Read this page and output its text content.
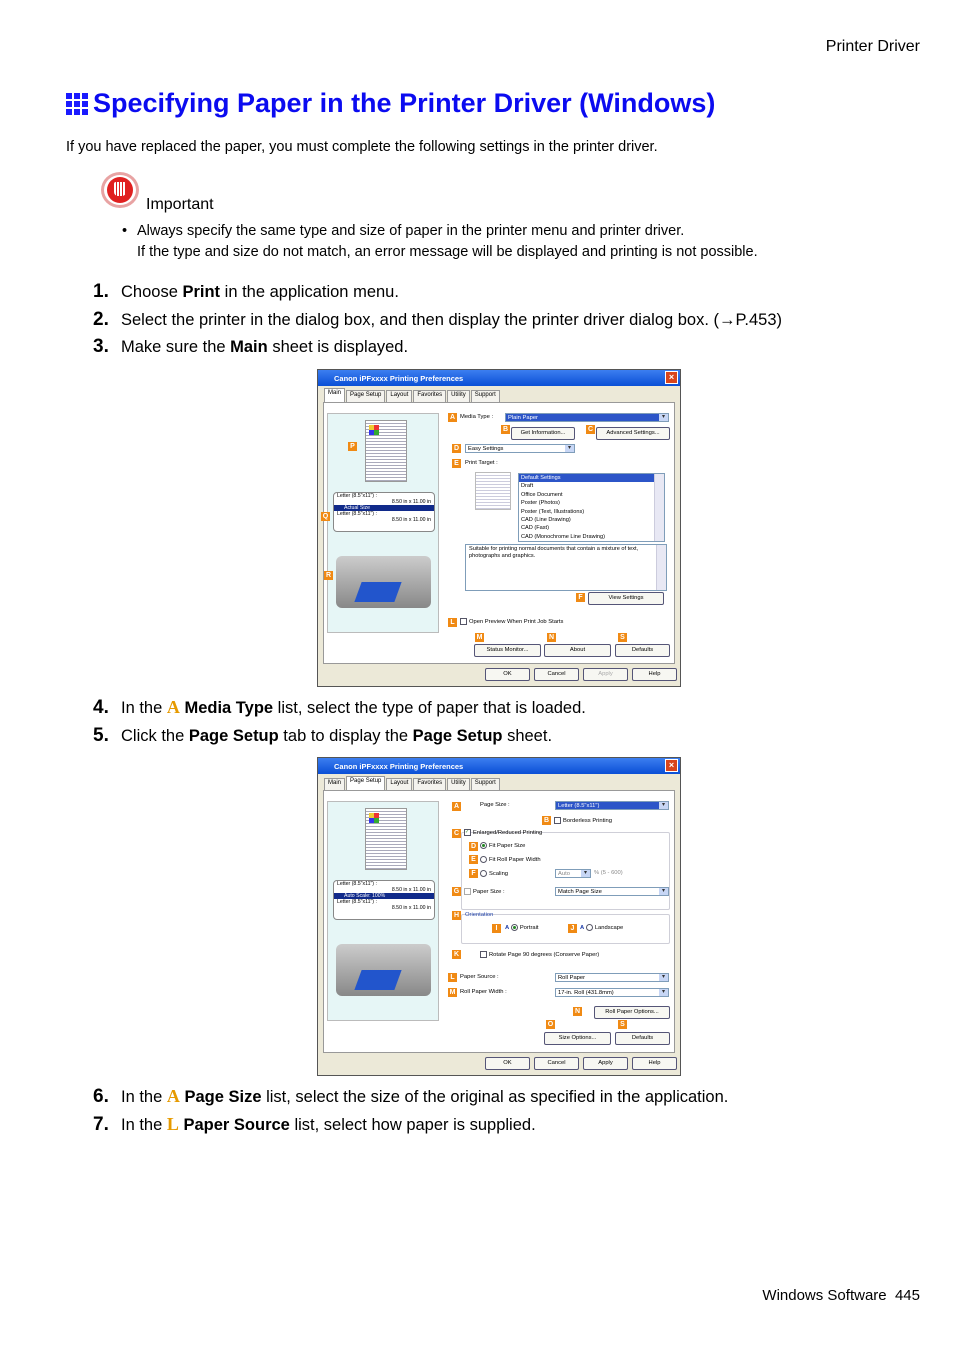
Printer Driver
Specifying Paper in the Printer Driver (Windows)
If you have replaced the paper, you must complete the following settings in the printer driver.
Important
• Always specify the same type and size of paper in the printer menu and printer driver.
If the type and size do not match, an error message will be displayed and printing is not possible.
1. Choose Print in the application menu.
2. Select the printer in the dialog box, and then display the printer driver dialog box. (→P.453)
3. Make sure the Main sheet is displayed.
Canon iPFxxxx Printing Preferences	×
Main	Page Setup	Layout	Favorites	Utility	Support
Letter (8.5"x11") :
8.50 in x 11.00 in
Actual Size
Letter (8.5"x11") :
8.50 in x 11.00 in
P
Q
R
A Media Type :	Plain Paper ▾
B	Get Information...	C	Advanced Settings...
D	Easy Settings ▾
E	Print Target :
Default Settings
Draft
Office Document
Poster (Photos)
Poster (Text, Illustrations)
CAD (Line Drawing)
CAD (Fast)
CAD (Monochrome Line Drawing)
Suitable for printing normal documents that contain a mixture of text, photographs and graphics.
F	View Settings
L	Open Preview When Print Job Starts
M	N	S
Status Monitor...	About	Defaults
OK	Cancel	Apply	Help
4. In the A Media Type list, select the type of paper that is loaded.
5. Click the Page Setup tab to display the Page Setup sheet.
Canon iPFxxxx Printing Preferences	×
Main	Page Setup	Layout	Favorites	Utility	Support
Letter (8.5"x11") :
8.50 in x 11.00 in
Auto Scale: 100%
Letter (8.5"x11") :
8.50 in x 11.00 in
A	Page Size :	Letter (8.5"x11") ▾
B	Borderless Printing
C
✓	Enlarged/Reduced Printing
D	Fit Paper Size
E	Fit Roll Paper Width
F	Scaling	Auto ▾	% (5 - 600)
G	Paper Size :	Match Page Size ▾
H	Orientation
I	A Portrait	J A Landscape
K	Rotate Page 90 degrees (Conserve Paper)
L Paper Source :	Roll Paper ▾
M Roll Paper Width :	17-in. Roll (431.8mm) ▾
N	Roll Paper Options...
O	S
Size Options...	Defaults
OK	Cancel	Apply	Help
6. In the A Page Size list, select the size of the original as specified in the application.
7. In the L Paper Source list, select how paper is supplied.
Windows Software 445
